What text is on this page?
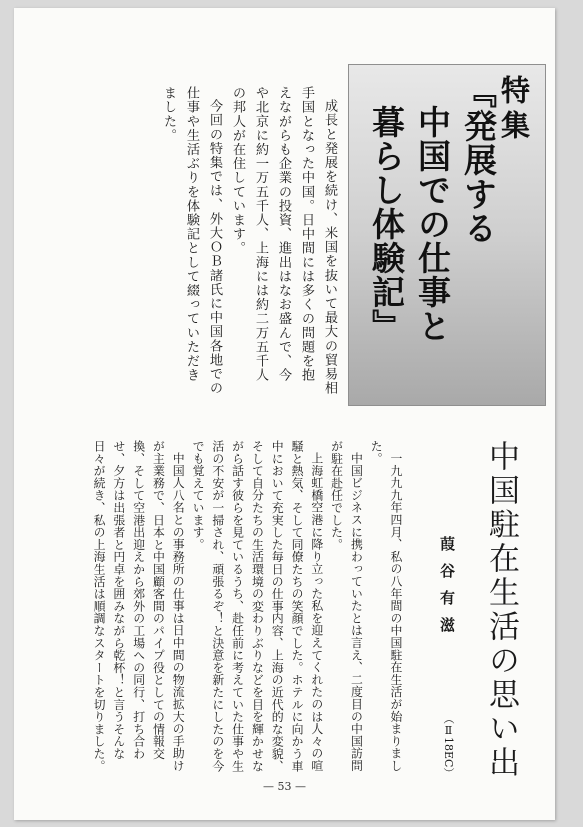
特集
『発展する
中国での仕事と
暮らし体験記』
成長と発展を続け、米国を抜いて最大の貿易相手国となった中国。日中間には多くの問題を抱えながらも企業の投資、進出はなお盛んで、今や北京に約一万五千人、上海には約二万五千人の邦人が在住しています。
今回の特集では、外大ＯＢ諸氏に中国各地での仕事や生活ぶりを体験記として綴っていただきました。
中国駐在生活の思い出
葭谷有滋
（Ⅱ18EC）

一九九九年四月、私の八年間の中国駐在生活が始まりました。

中国ビジネスに携わっていたとは言え、二度目の中国訪問が駐在赴任でした。

上海虹橋空港に降り立った私を迎えてくれたのは人々の喧騒と熱気、そして同僚たちの笑顔でした。ホテルに向かう車中において充実した毎日の仕事内容、上海の近代的な変貌、そして自分たちの生活環境の変わりぶりなどを目を輝かせながら話す彼らを見ているうち、赴任前に考えていた仕事や生活の不安が一掃され、頑張るぞ！と決意を新たにしたのを今でも覚えています。

中国人八名との事務所の仕事は日中間の物流拡大の手助けが主業務で、日本と中国顧客間のパイプ役としての情報交換、そして空港出迎えから郊外の工場への同行、打ち合わせ、夕方は出張者と円卓を囲みながら乾杯！と言うそんな日々が続き、私の上海生活は順調なスタートを切りました。

— 53 —
